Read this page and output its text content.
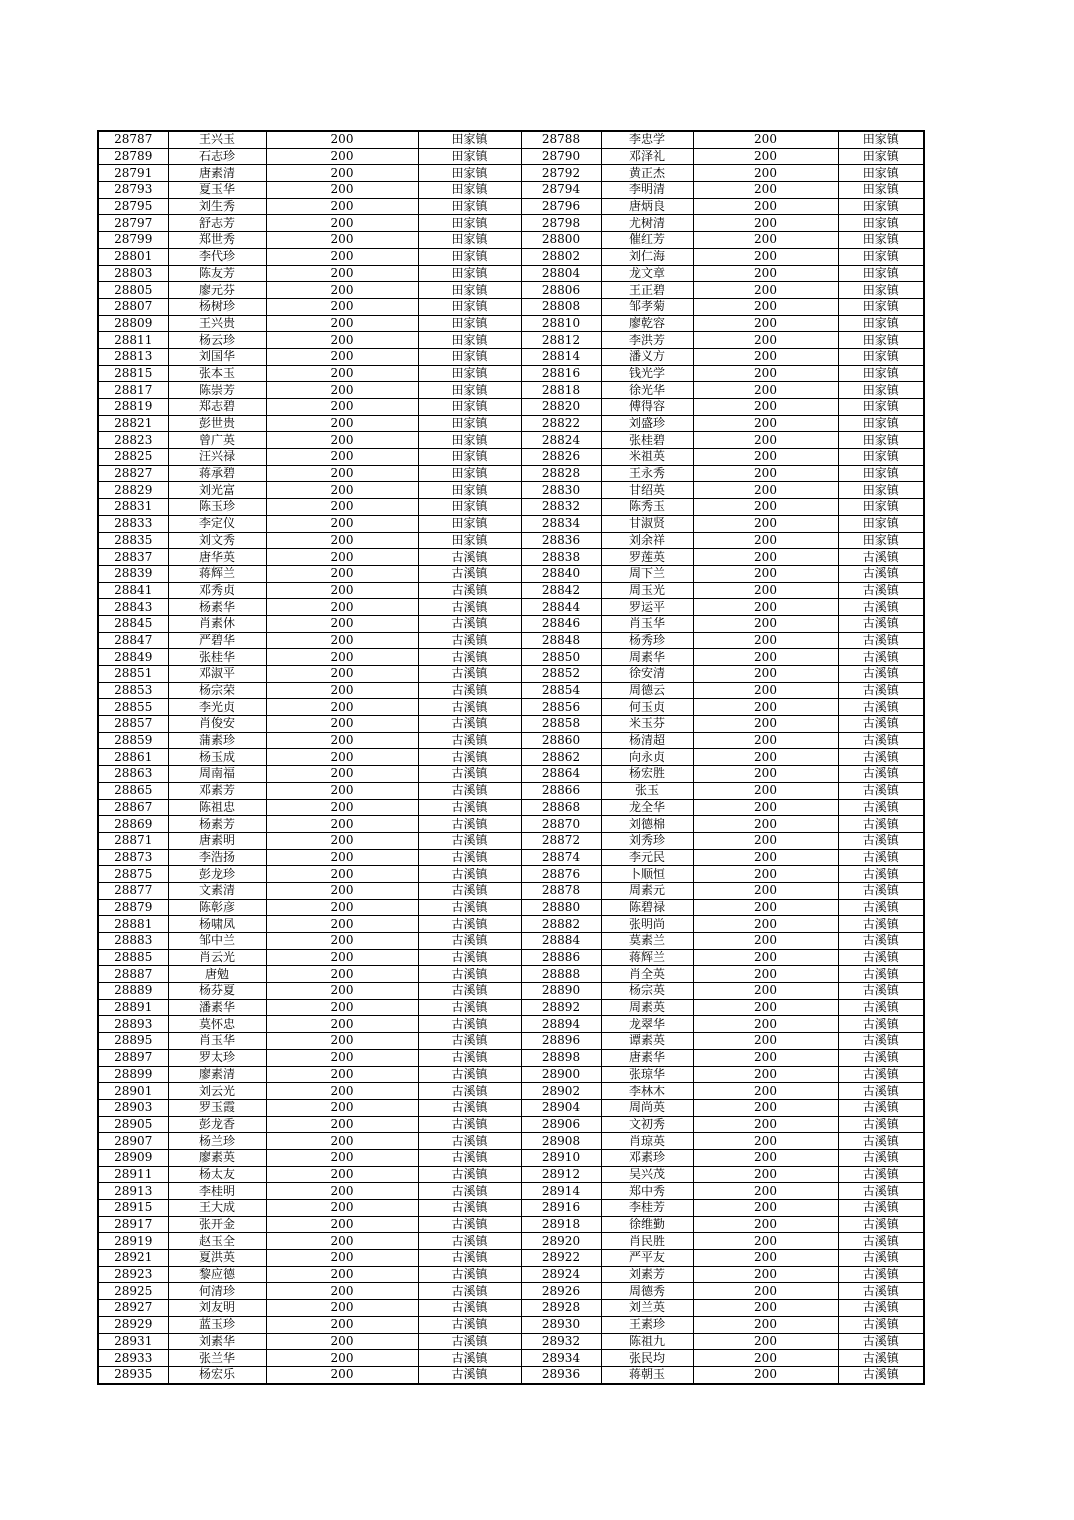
28787	王兴玉	200	田家镇	28788	李忠学	200	田家镇
28789	石志珍	200	田家镇	28790	邓泽礼	200	田家镇
28791	唐素清	200	田家镇	28792	黄正杰	200	田家镇
28793	夏玉华	200	田家镇	28794	李明清	200	田家镇
28795	刘生秀	200	田家镇	28796	唐炳良	200	田家镇
28797	舒志芳	200	田家镇	28798	尤树清	200	田家镇
28799	郑世秀	200	田家镇	28800	催红芳	200	田家镇
28801	李代珍	200	田家镇	28802	刘仁海	200	田家镇
28803	陈友芳	200	田家镇	28804	龙文章	200	田家镇
28805	廖元芬	200	田家镇	28806	王正碧	200	田家镇
28807	杨树珍	200	田家镇	28808	邹孝菊	200	田家镇
28809	王兴贵	200	田家镇	28810	廖乾容	200	田家镇
28811	杨云珍	200	田家镇	28812	李洪芳	200	田家镇
28813	刘国华	200	田家镇	28814	潘义方	200	田家镇
28815	张本玉	200	田家镇	28816	钱光学	200	田家镇
28817	陈崇芳	200	田家镇	28818	徐光华	200	田家镇
28819	郑志碧	200	田家镇	28820	傅得容	200	田家镇
28821	彭世贵	200	田家镇	28822	刘盛珍	200	田家镇
28823	曾广英	200	田家镇	28824	张桂碧	200	田家镇
28825	汪兴禄	200	田家镇	28826	米祖英	200	田家镇
28827	蒋承碧	200	田家镇	28828	王永秀	200	田家镇
28829	刘光富	200	田家镇	28830	甘绍英	200	田家镇
28831	陈玉珍	200	田家镇	28832	陈秀玉	200	田家镇
28833	李定仪	200	田家镇	28834	甘淑贤	200	田家镇
28835	刘文秀	200	田家镇	28836	刘余祥	200	田家镇
28837	唐华英	200	古溪镇	28838	罗莲英	200	古溪镇
28839	蒋辉兰	200	古溪镇	28840	周下兰	200	古溪镇
28841	邓秀贞	200	古溪镇	28842	周玉光	200	古溪镇
28843	杨素华	200	古溪镇	28844	罗运平	200	古溪镇
28845	肖素休	200	古溪镇	28846	肖玉华	200	古溪镇
28847	严碧华	200	古溪镇	28848	杨秀珍	200	古溪镇
28849	张桂华	200	古溪镇	28850	周素华	200	古溪镇
28851	邓淑平	200	古溪镇	28852	徐安清	200	古溪镇
28853	杨宗荣	200	古溪镇	28854	周德云	200	古溪镇
28855	李光贞	200	古溪镇	28856	何玉贞	200	古溪镇
28857	肖俊安	200	古溪镇	28858	米玉芬	200	古溪镇
28859	蒲素珍	200	古溪镇	28860	杨清超	200	古溪镇
28861	杨玉成	200	古溪镇	28862	向永贞	200	古溪镇
28863	周南福	200	古溪镇	28864	杨宏胜	200	古溪镇
28865	邓素芳	200	古溪镇	28866	张玉	200	古溪镇
28867	陈祖忠	200	古溪镇	28868	龙全华	200	古溪镇
28869	杨素芳	200	古溪镇	28870	刘德棉	200	古溪镇
28871	唐素明	200	古溪镇	28872	刘秀珍	200	古溪镇
28873	李浩扬	200	古溪镇	28874	李元民	200	古溪镇
28875	彭龙珍	200	古溪镇	28876	卜顺恒	200	古溪镇
28877	文素清	200	古溪镇	28878	周素元	200	古溪镇
28879	陈彰彦	200	古溪镇	28880	陈碧禄	200	古溪镇
28881	杨啸凤	200	古溪镇	28882	张明尚	200	古溪镇
28883	邹中兰	200	古溪镇	28884	莫素兰	200	古溪镇
28885	肖云光	200	古溪镇	28886	蒋辉兰	200	古溪镇
28887	唐勉	200	古溪镇	28888	肖全英	200	古溪镇
28889	杨芬夏	200	古溪镇	28890	杨宗英	200	古溪镇
28891	潘素华	200	古溪镇	28892	周素英	200	古溪镇
28893	莫怀忠	200	古溪镇	28894	龙翠华	200	古溪镇
28895	肖玉华	200	古溪镇	28896	谭素英	200	古溪镇
28897	罗太珍	200	古溪镇	28898	唐素华	200	古溪镇
28899	廖素清	200	古溪镇	28900	张琼华	200	古溪镇
28901	刘云光	200	古溪镇	28902	李林木	200	古溪镇
28903	罗玉霞	200	古溪镇	28904	周尚英	200	古溪镇
28905	彭龙香	200	古溪镇	28906	文初秀	200	古溪镇
28907	杨兰珍	200	古溪镇	28908	肖琼英	200	古溪镇
28909	廖素英	200	古溪镇	28910	邓素珍	200	古溪镇
28911	杨太友	200	古溪镇	28912	吴兴茂	200	古溪镇
28913	李桂明	200	古溪镇	28914	郑中秀	200	古溪镇
28915	王大成	200	古溪镇	28916	李桂芳	200	古溪镇
28917	张开金	200	古溪镇	28918	徐维勤	200	古溪镇
28919	赵玉全	200	古溪镇	28920	肖民胜	200	古溪镇
28921	夏洪英	200	古溪镇	28922	严平友	200	古溪镇
28923	黎应德	200	古溪镇	28924	刘素芳	200	古溪镇
28925	何清珍	200	古溪镇	28926	周德秀	200	古溪镇
28927	刘友明	200	古溪镇	28928	刘兰英	200	古溪镇
28929	蓝玉珍	200	古溪镇	28930	王素珍	200	古溪镇
28931	刘素华	200	古溪镇	28932	陈祖九	200	古溪镇
28933	张兰华	200	古溪镇	28934	张民均	200	古溪镇
28935	杨宏乐	200	古溪镇	28936	蒋朝玉	200	古溪镇
